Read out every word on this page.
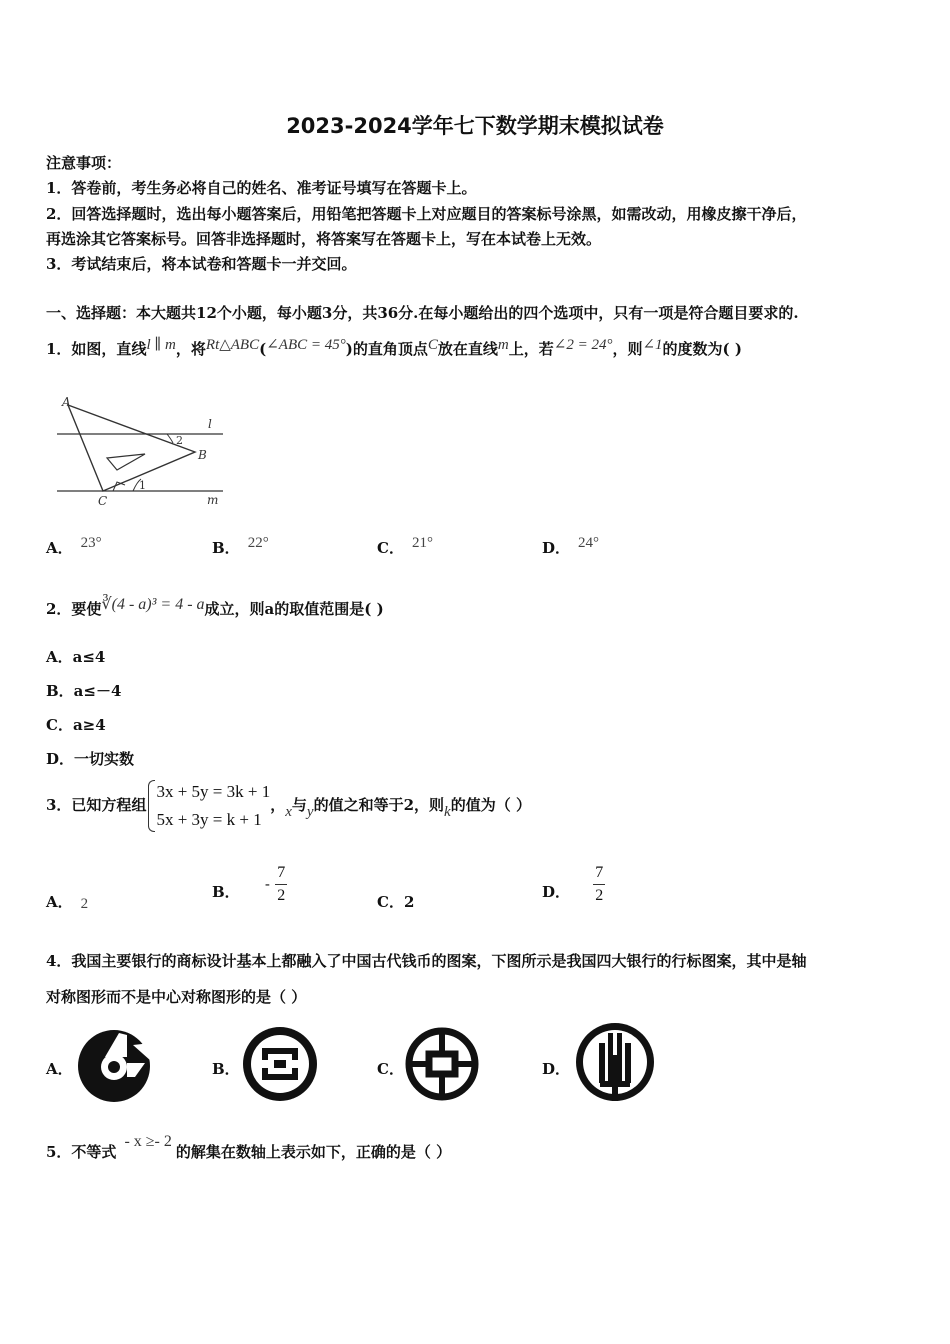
2023-2024学年七下数学期末模拟试卷
注意事项：
1．答卷前，考生务必将自己的姓名、准考证号填写在答题卡上。
2．回答选择题时，选出每小题答案后，用铅笔把答题卡上对应题目的答案标号涂黑，如需改动，用橡皮擦干净后，
再选涂其它答案标号。回答非选择题时，将答案写在答题卡上，写在本试卷上无效。
3．考试结束后，将本试卷和答题卡一并交回。
一、选择题：本大题共12个小题，每小题3分，共36分.在每小题给出的四个选项中，只有一项是符合题目要求的.
1．如图，直线l ∥ m，将Rt△ABC(∠ABC = 45°)的直角顶点C放在直线m上，若∠2 = 24°，则∠1的度数为( )
A
B
C
l
m
1
2
A． 23°	B． 22°	C． 21°	D． 24°
2．要使∛(4 - a)³ = 4 - a成立，则a的取值范围是( )
A．a≤4
B．a≤－4
C．a≥4
D．一切实数
3．已知方程组
3x + 5y = 3k + 1
5x + 3y = k + 1
，x与y的值之和等于2，则k的值为（ ）
A． 2
B． - $\frac{7}{2}$	C．2
D． $\frac{7}{2}$
4．我国主要银行的商标设计基本上都融入了中国古代钱币的图案，下图所示是我国四大银行的行标图案，其中是轴
对称图形而不是中心对称图形的是（ ）
A．	B．	C．	D．
5．不等式- x ≥- 2的解集在数轴上表示如下，正确的是（ ）
